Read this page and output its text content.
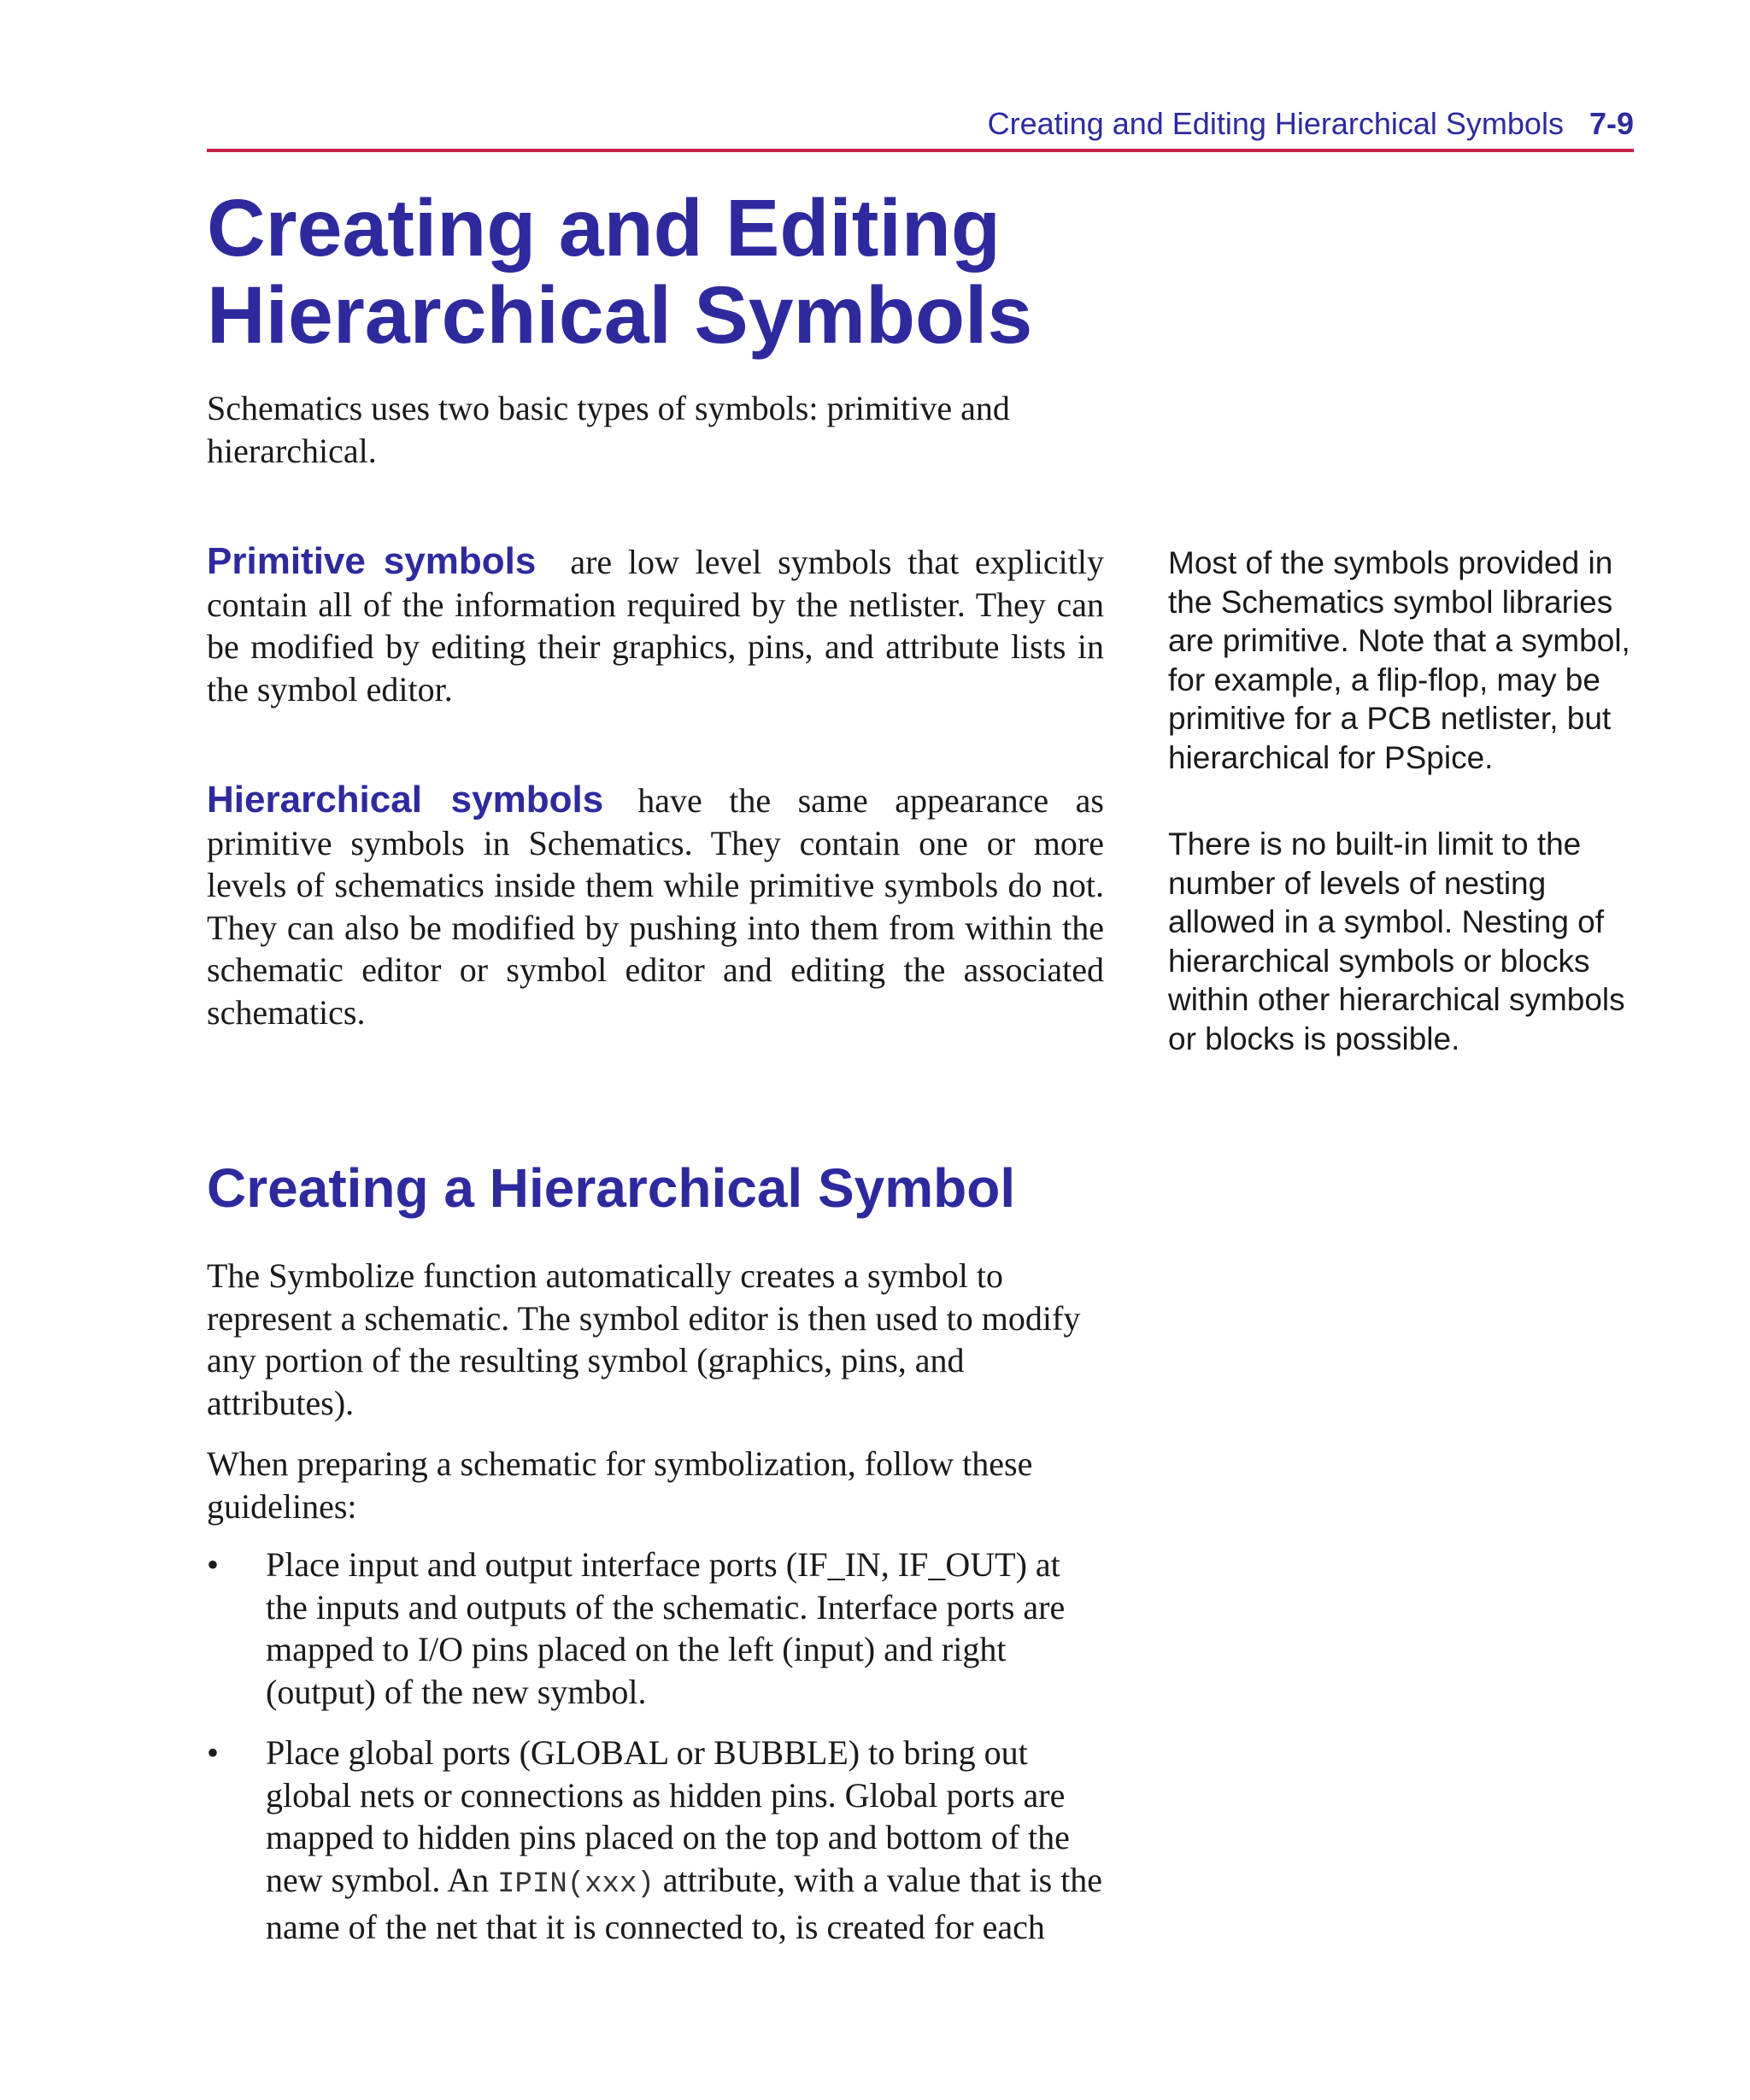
Creating and Editing Hierarchical Symbols 7-9
Creating and Editing Hierarchical Symbols

Schematics uses two basic types of symbols: primitive and hierarchical.

Primitive symbols are low level symbols that explicitly contain all of the information required by the netlister. They can be modified by editing their graphics, pins, and attribute lists in the symbol editor.

Hierarchical symbols have the same appearance as primitive symbols in Schematics. They contain one or more levels of schematics inside them while primitive symbols do not. They can also be modified by pushing into them from within the schematic editor or symbol editor and editing the associated schematics.

Most of the symbols provided in the Schematics symbol libraries are primitive. Note that a symbol, for example, a flip-flop, may be primitive for a PCB netlister, but hierarchical for PSpice.

There is no built-in limit to the number of levels of nesting allowed in a symbol. Nesting of hierarchical symbols or blocks within other hierarchical symbols or blocks is possible.

Creating a Hierarchical Symbol

The Symbolize function automatically creates a symbol to represent a schematic. The symbol editor is then used to modify any portion of the resulting symbol (graphics, pins, and attributes).

When preparing a schematic for symbolization, follow these guidelines:

• Place input and output interface ports (IF_IN, IF_OUT) at the inputs and outputs of the schematic. Interface ports are mapped to I/O pins placed on the left (input) and right (output) of the new symbol.
• Place global ports (GLOBAL or BUBBLE) to bring out global nets or connections as hidden pins. Global ports are mapped to hidden pins placed on the top and bottom of the new symbol. An IPIN(xxx) attribute, with a value that is the name of the net that it is connected to, is created for each
